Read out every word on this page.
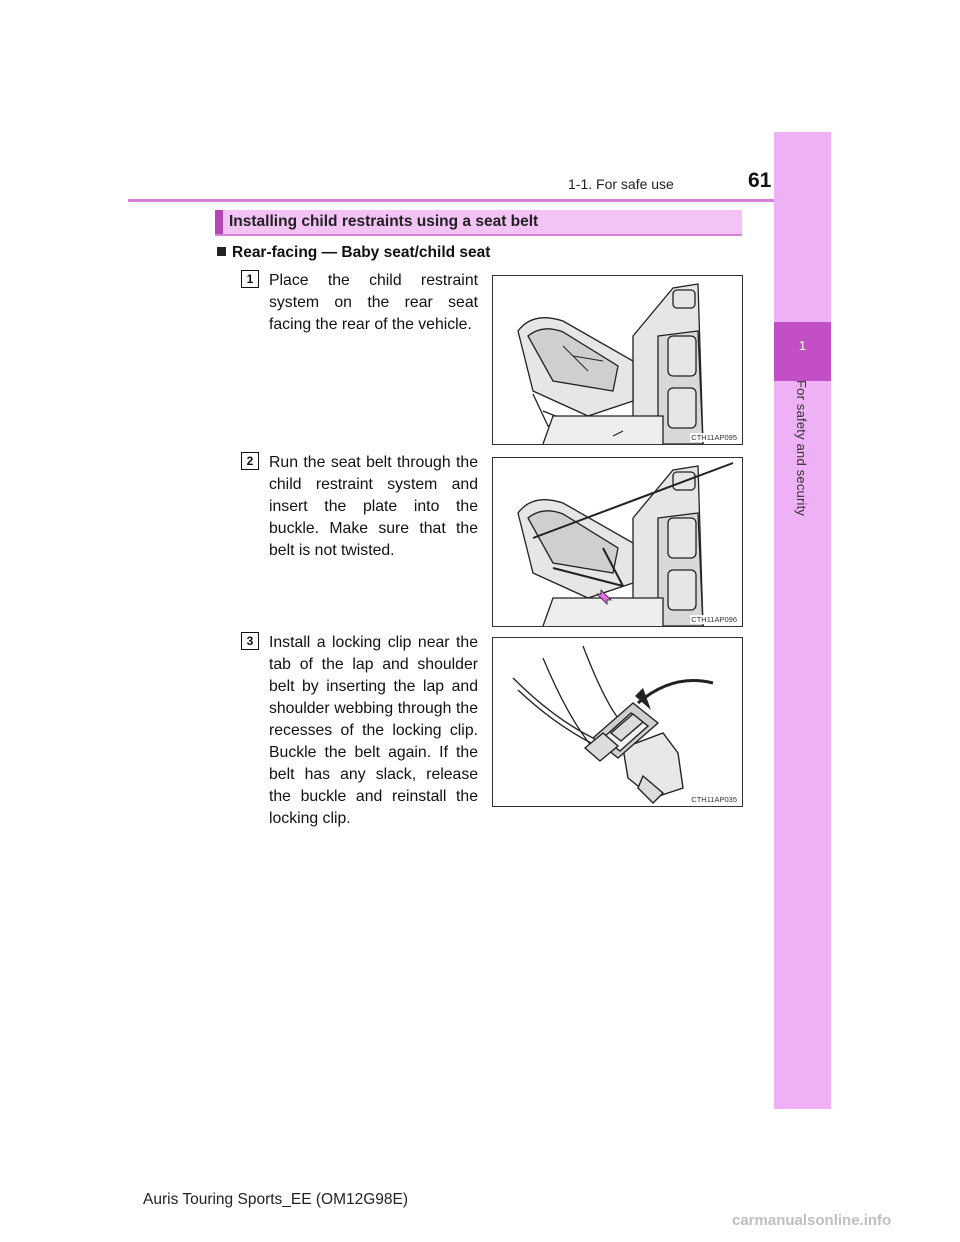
1-1. For safe use	61
1
For safety and security
Installing child restraints using a seat belt
Rear-facing — Baby seat/child seat
1 Place the child restraint system on the rear seat facing the rear of the vehicle.
CTH11AP095
2 Run the seat belt through the child restraint system and insert the plate into the buckle. Make sure that the belt is not twisted.
CTH11AP096
3 Install a locking clip near the tab of the lap and shoulder belt by inserting the lap and shoulder webbing through the recesses of the locking clip. Buckle the belt again. If the belt has any slack, release the buckle and reinstall the locking clip.
CTH11AP035
Auris Touring Sports_EE (OM12G98E)
carmanualsonline.info
